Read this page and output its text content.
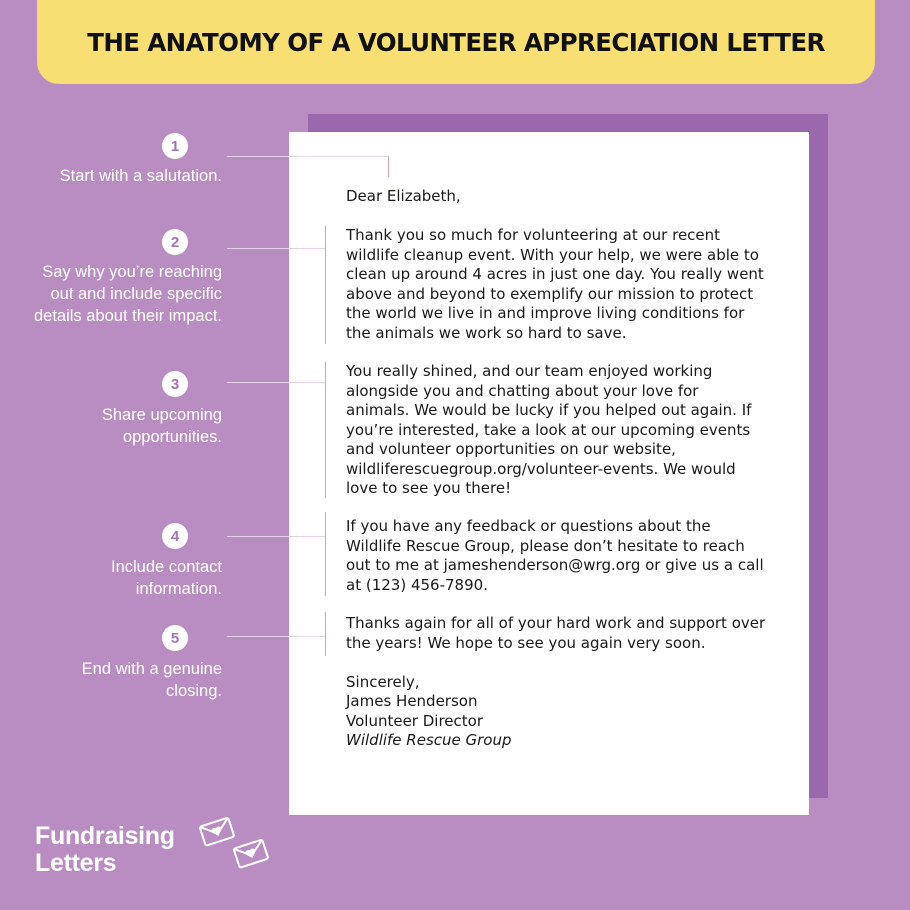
THE ANATOMY OF A VOLUNTEER APPRECIATION LETTER
1
Start with a salutation.
2
Say why you’re reaching out and include specific details about their impact.
3
Share upcoming opportunities.
4
Include contact information.
5
End with a genuine closing.

Dear Elizabeth,

Thank you so much for volunteering at our recent wildlife cleanup event. With your help, we were able to clean up around 4 acres in just one day. You really went above and beyond to exemplify our mission to protect the world we live in and improve living conditions for the animals we work so hard to save.

You really shined, and our team enjoyed working alongside you and chatting about your love for animals. We would be lucky if you helped out again. If you’re interested, take a look at our upcoming events and volunteer opportunities on our website, wildliferescuegroup.org/volunteer-events. We would love to see you there!

If you have any feedback or questions about the Wildlife Rescue Group, please don’t hesitate to reach out to me at jameshenderson@wrg.org or give us a call at (123) 456-7890.

Thanks again for all of your hard work and support over the years! We hope to see you again very soon.

Sincerely,

James Henderson

Volunteer Director

Wildlife Rescue Group

Fundraising
Letters
